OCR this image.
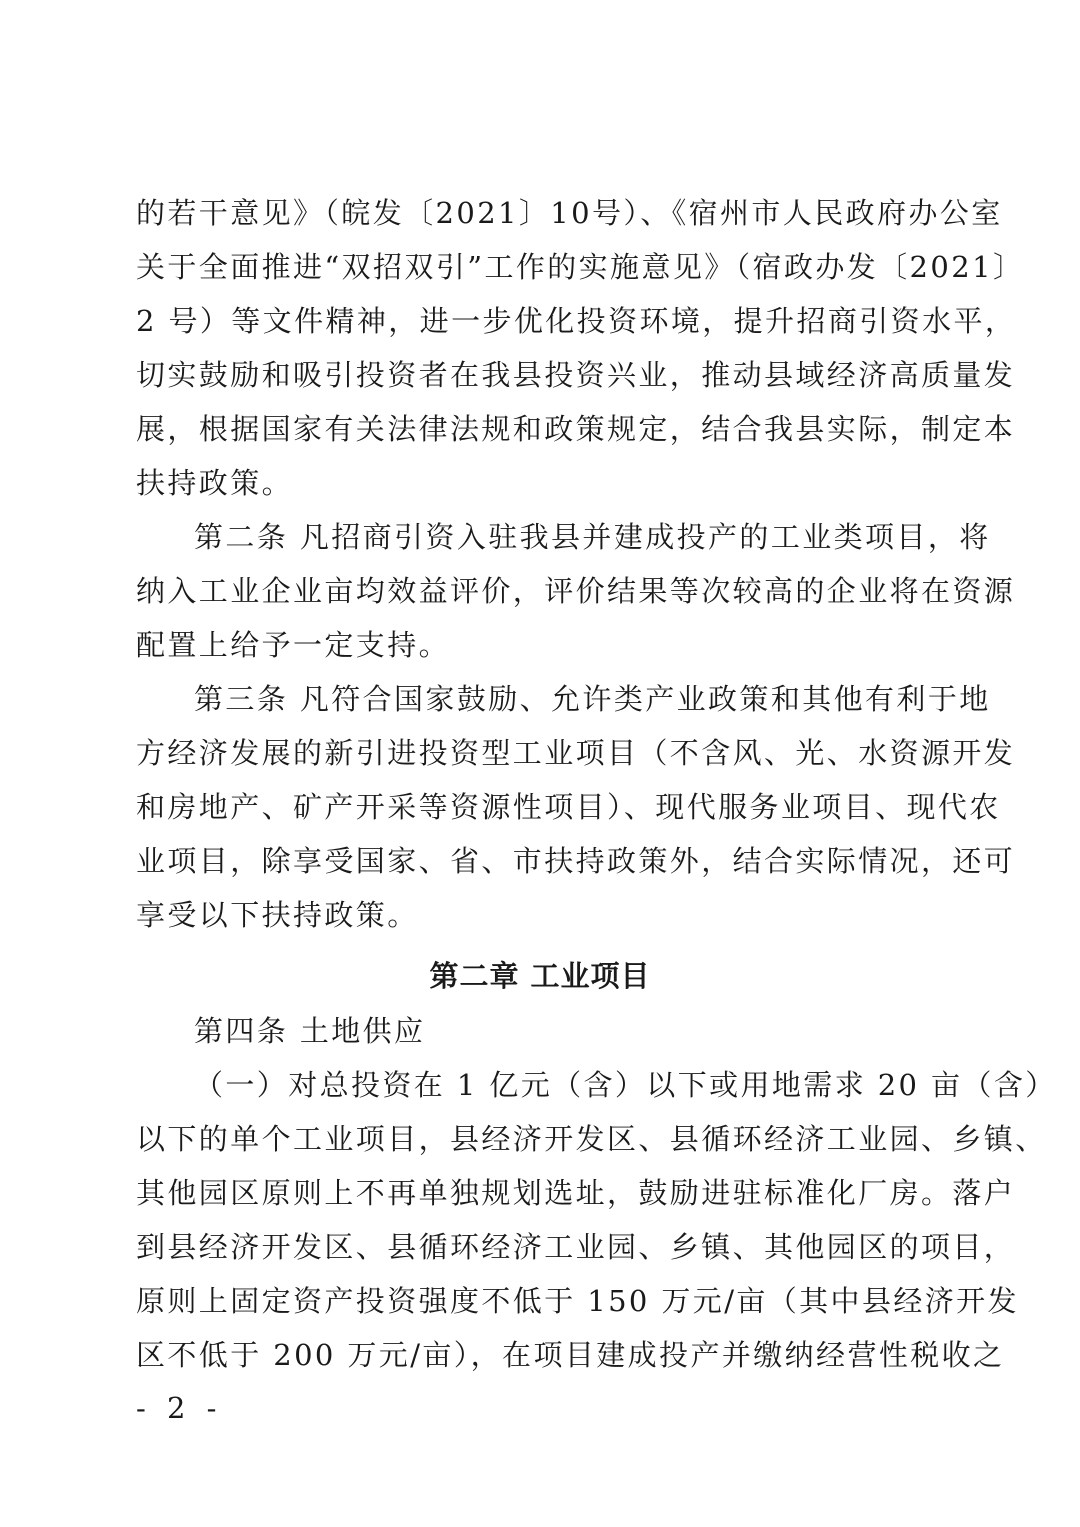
的若干意见》（皖发〔2021〕10号）、《宿州市人民政府办公室
关于全面推进“双招双引”工作的实施意见》（宿政办发〔2021〕
2 号）等文件精神，进一步优化投资环境，提升招商引资水平，
切实鼓励和吸引投资者在我县投资兴业，推动县域经济高质量发
展，根据国家有关法律法规和政策规定，结合我县实际，制定本
扶持政策。
第二条 凡招商引资入驻我县并建成投产的工业类项目，将
纳入工业企业亩均效益评价，评价结果等次较高的企业将在资源
配置上给予一定支持。
第三条 凡符合国家鼓励、允许类产业政策和其他有利于地
方经济发展的新引进投资型工业项目（不含风、光、水资源开发
和房地产、矿产开采等资源性项目）、现代服务业项目、现代农
业项目，除享受国家、省、市扶持政策外，结合实际情况，还可
享受以下扶持政策。
第二章 工业项目
第四条 土地供应
（一）对总投资在 1 亿元（含）以下或用地需求 20 亩（含）
以下的单个工业项目，县经济开发区、县循环经济工业园、乡镇、
其他园区原则上不再单独规划选址，鼓励进驻标准化厂房。落户
到县经济开发区、县循环经济工业园、乡镇、其他园区的项目，
原则上固定资产投资强度不低于 150 万元/亩（其中县经济开发
区不低于 200 万元/亩），在项目建成投产并缴纳经营性税收之
- 2 -
